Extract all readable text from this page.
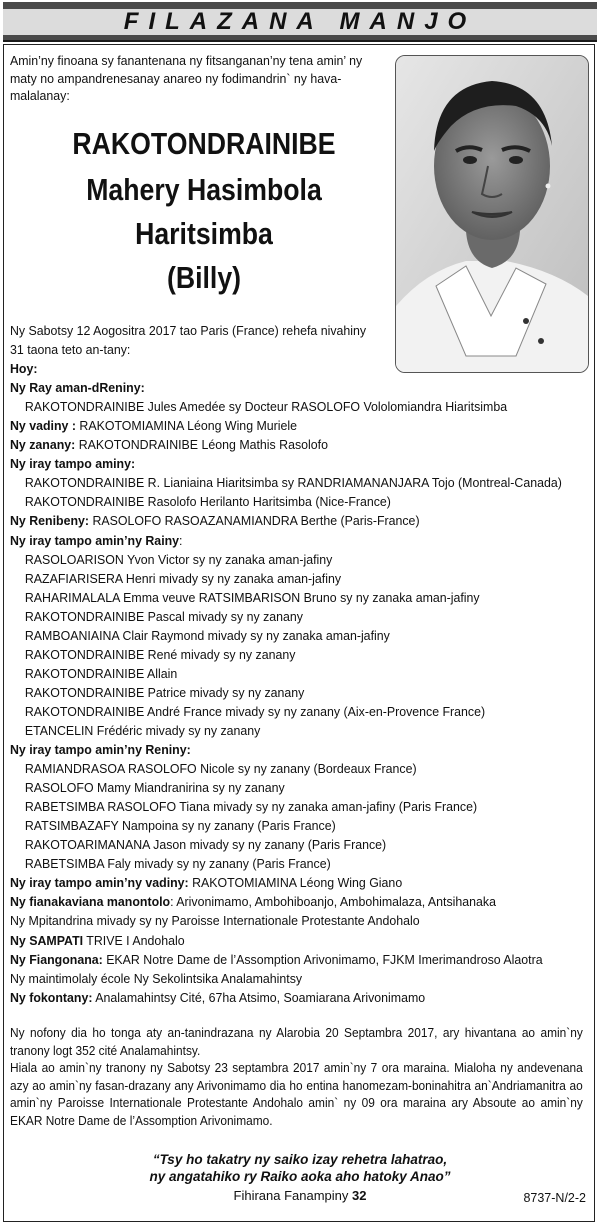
FILAZANA MANJO
Amin’ny finoana sy fanantenana ny fitsanganan’ny tena amin’ ny maty no ampandrenesanay anareo ny fodimandrin` ny hava-malalanay:
RAKOTONDRAINIBE
Mahery Hasimbola
Haritsimba
(Billy)
Ny Sabotsy 12 Aogositra 2017 tao Paris (France) rehefa nivahiny
31 taona teto an-tany:
Hoy:
Ny Ray aman-dReniny:
RAKOTONDRAINIBE Jules Amedée sy Docteur RASOLOFO Vololomiandra Hiaritsimba
Ny vadiny : RAKOTOMIAMINA Léong Wing Muriele
Ny zanany: RAKOTONDRAINIBE Léong Mathis Rasolofo
Ny iray tampo aminy:
RAKOTONDRAINIBE R. Lianiaina Hiaritsimba sy RANDRIAMANANJARA Tojo (Montreal-Canada)
RAKOTONDRAINIBE Rasolofo Herilanto Haritsimba (Nice-France)
Ny Renibeny: RASOLOFO RASOAZANAMIANDRA Berthe (Paris-France)
Ny iray tampo amin’ny Rainy:
RASOLOARISON Yvon Victor sy ny zanaka aman-jafiny
RAZAFIARISERA Henri mivady sy ny zanaka aman-jafiny
RAHARIMALALA Emma veuve RATSIMBARISON Bruno sy ny zanaka aman-jafiny
RAKOTONDRAINIBE Pascal mivady sy ny zanany
RAMBOANIAINA Clair Raymond mivady sy ny zanaka aman-jafiny
RAKOTONDRAINIBE René mivady sy ny zanany
RAKOTONDRAINIBE Allain
RAKOTONDRAINIBE Patrice mivady sy ny zanany
RAKOTONDRAINIBE André France mivady sy ny zanany (Aix-en-Provence France)
ETANCELIN Frédéric mivady sy ny zanany
Ny iray tampo amin’ny Reniny:
RAMIANDRASOA RASOLOFO Nicole sy ny zanany (Bordeaux France)
RASOLOFO Mamy Miandranirina sy ny zanany
RABETSIMBA RASOLOFO Tiana mivady sy ny zanaka aman-jafiny (Paris France)
RATSIMBAZAFY Nampoina sy ny zanany (Paris France)
RAKOTOARIMANANA Jason mivady sy ny zanany (Paris France)
RABETSIMBA Faly mivady sy ny zanany (Paris France)
Ny iray tampo amin’ny vadiny: RAKOTOMIAMINA Léong Wing Giano
Ny fianakaviana manontolo: Arivonimamo, Ambohiboanjo, Ambohimalaza, Antsihanaka
Ny Mpitandrina mivady sy ny Paroisse Internationale Protestante Andohalo
Ny SAMPATI TRIVE I Andohalo
Ny Fiangonana: EKAR Notre Dame de l’Assomption Arivonimamo, FJKM Imerimandroso Alaotra
Ny maintimolaly école Ny Sekolintsika Analamahintsy
Ny fokontany: Analamahintsy Cité, 67ha Atsimo, Soamiarana Arivonimamo
Ny nofony dia ho tonga aty an-tanindrazana ny Alarobia 20 Septambra 2017, ary hivantana ao amin`ny tranony logt 352 cité Analamahintsy.
Hiala ao amin`ny tranony ny Sabotsy 23 septambra 2017 amin`ny 7 ora maraina. Mialoha ny andevenana azy ao amin`ny fasan-drazany any Arivonimamo dia ho entina hanomezam-boninahitra an`Andriamanitra ao amin`ny Paroisse Internationale Protestante Andohalo amin` ny 09 ora maraina ary Absoute ao amin`ny EKAR Notre Dame de l’Assomption Arivonimamo.
“Tsy ho takatry ny saiko izay rehetra lahatrao,
ny angatahiko ry Raiko aoka aho hatoky Anao”
Fihirana Fanampiny 32	8737-N/2-2
